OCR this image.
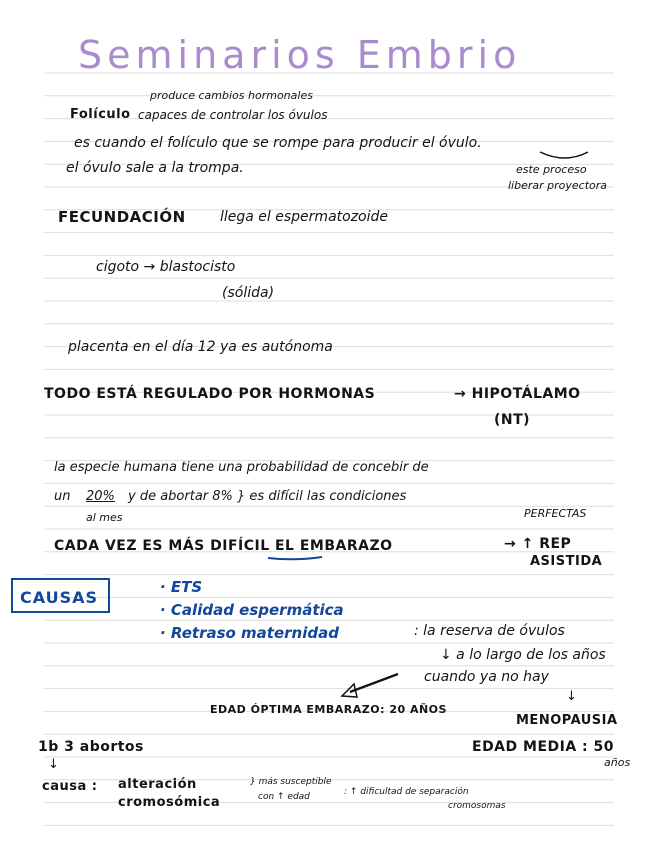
Seminarios Embrio
produce cambios hormonales
Folículo capaces de controlar los óvulos
es cuando el folículo que se rompe para producir el óvulo.
el óvulo sale a la trompa.	este proceso
liberar proyectora
FECUNDACIÓN llega el espermatozoide
cigoto → blastocisto
(sólida)
placenta en el día 12 ya es autónoma
TODO ESTÁ REGULADO POR HORMONAS	→ HIPOTÁLAMO
(NT)
la especie humana tiene una probabilidad de concebir de
un 20% y de abortar 8% } es difícil las condiciones
al mes	PERFECTAS
CADA VEZ ES MÁS DIFÍCIL EL EMBARAZO	→ ↑ REP
ASISTIDA
CAUSAS
· ETS
· Calidad espermática
· Retraso maternidad	: la reserva de óvulos
↓ a lo largo de los años
cuando ya no hay
↓
MENOPAUSIA
EDAD ÓPTIMA EMBARAZO: 20 AÑOS
EDAD MEDIA : 50
años
1b 3 abortos
↓
causa : alteración
cromosómica
} más susceptible
con ↑ edad	: ↑ dificultad de separación
cromosomas
